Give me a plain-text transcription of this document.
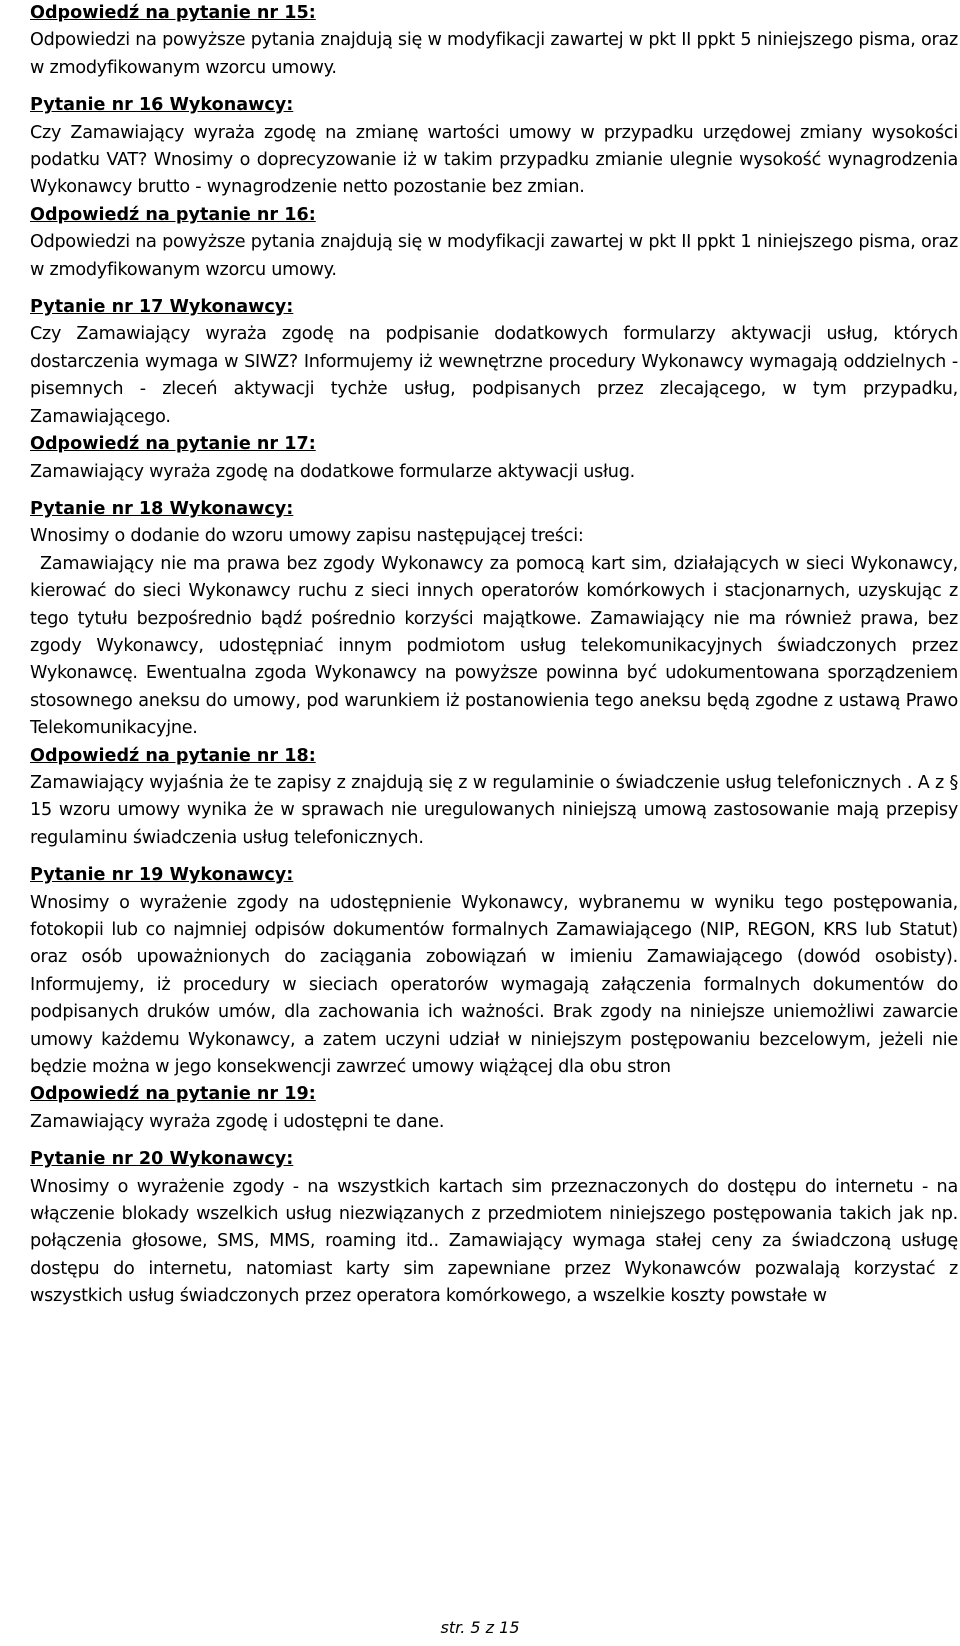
Odpowiedź na pytanie nr 15:

Odpowiedzi na powyższe pytania znajdują się w modyfikacji zawartej w pkt II ppkt 5 niniejszego pisma, oraz w zmodyfikowanym wzorcu umowy.

Pytanie nr 16 Wykonawcy:

Czy Zamawiający wyraża zgodę na zmianę wartości umowy w przypadku urzędowej zmiany wysokości podatku VAT? Wnosimy o doprecyzowanie iż w takim przypadku zmianie ulegnie wysokość wynagrodzenia Wykonawcy brutto - wynagrodzenie netto pozostanie bez zmian.

Odpowiedź na pytanie nr 16:

Odpowiedzi na powyższe pytania znajdują się w modyfikacji zawartej w pkt II ppkt 1 niniejszego pisma, oraz w zmodyfikowanym wzorcu umowy.

Pytanie nr 17 Wykonawcy:

Czy Zamawiający wyraża zgodę na podpisanie dodatkowych formularzy aktywacji usług, których dostarczenia wymaga w SIWZ? Informujemy iż wewnętrzne procedury Wykonawcy wymagają oddzielnych - pisemnych - zleceń aktywacji tychże usług, podpisanych przez zlecającego, w tym przypadku, Zamawiającego.

Odpowiedź na pytanie nr 17:

Zamawiający wyraża zgodę na dodatkowe formularze aktywacji usług.

Pytanie nr 18 Wykonawcy:

Wnosimy o dodanie do wzoru umowy zapisu następującej treści:

Zamawiający nie ma prawa bez zgody Wykonawcy za pomocą kart sim, działających w sieci Wykonawcy, kierować do sieci Wykonawcy ruchu z sieci innych operatorów komórkowych i stacjonarnych, uzyskując z tego tytułu bezpośrednio bądź pośrednio korzyści majątkowe. Zamawiający nie ma również prawa, bez zgody Wykonawcy, udostępniać innym podmiotom usług telekomunikacyjnych świadczonych przez Wykonawcę. Ewentualna zgoda Wykonawcy na powyższe powinna być udokumentowana sporządzeniem stosownego aneksu do umowy, pod warunkiem iż postanowienia tego aneksu będą zgodne z ustawą Prawo Telekomunikacyjne.

Odpowiedź na pytanie nr 18:

Zamawiający wyjaśnia że te zapisy z znajdują się z w regulaminie o świadczenie usług telefonicznych . A z § 15 wzoru umowy wynika że w sprawach nie uregulowanych niniejszą umową zastosowanie mają przepisy regulaminu świadczenia usług telefonicznych.

Pytanie nr 19 Wykonawcy:

Wnosimy o wyrażenie zgody na udostępnienie Wykonawcy, wybranemu w wyniku tego postępowania, fotokopii lub co najmniej odpisów dokumentów formalnych Zamawiającego (NIP, REGON, KRS lub Statut) oraz osób upoważnionych do zaciągania zobowiązań w imieniu Zamawiającego (dowód osobisty). Informujemy, iż procedury w sieciach operatorów wymagają załączenia formalnych dokumentów do podpisanych druków umów, dla zachowania ich ważności. Brak zgody na niniejsze uniemożliwi zawarcie umowy każdemu Wykonawcy, a zatem uczyni udział w niniejszym postępowaniu bezcelowym, jeżeli nie będzie można w jego konsekwencji zawrzeć umowy wiążącej dla obu stron

Odpowiedź na pytanie nr 19:

Zamawiający wyraża zgodę i udostępni te dane.

Pytanie nr 20 Wykonawcy:

Wnosimy o wyrażenie zgody - na wszystkich kartach sim przeznaczonych do dostępu do internetu - na włączenie blokady wszelkich usług niezwiązanych z przedmiotem niniejszego postępowania takich jak np. połączenia głosowe, SMS, MMS, roaming itd.. Zamawiający wymaga stałej ceny za świadczoną usługę dostępu do internetu, natomiast karty sim zapewniane przez Wykonawców pozwalają korzystać z wszystkich usług świadczonych przez operatora komórkowego, a wszelkie koszty powstałe w

str. 5 z 15
